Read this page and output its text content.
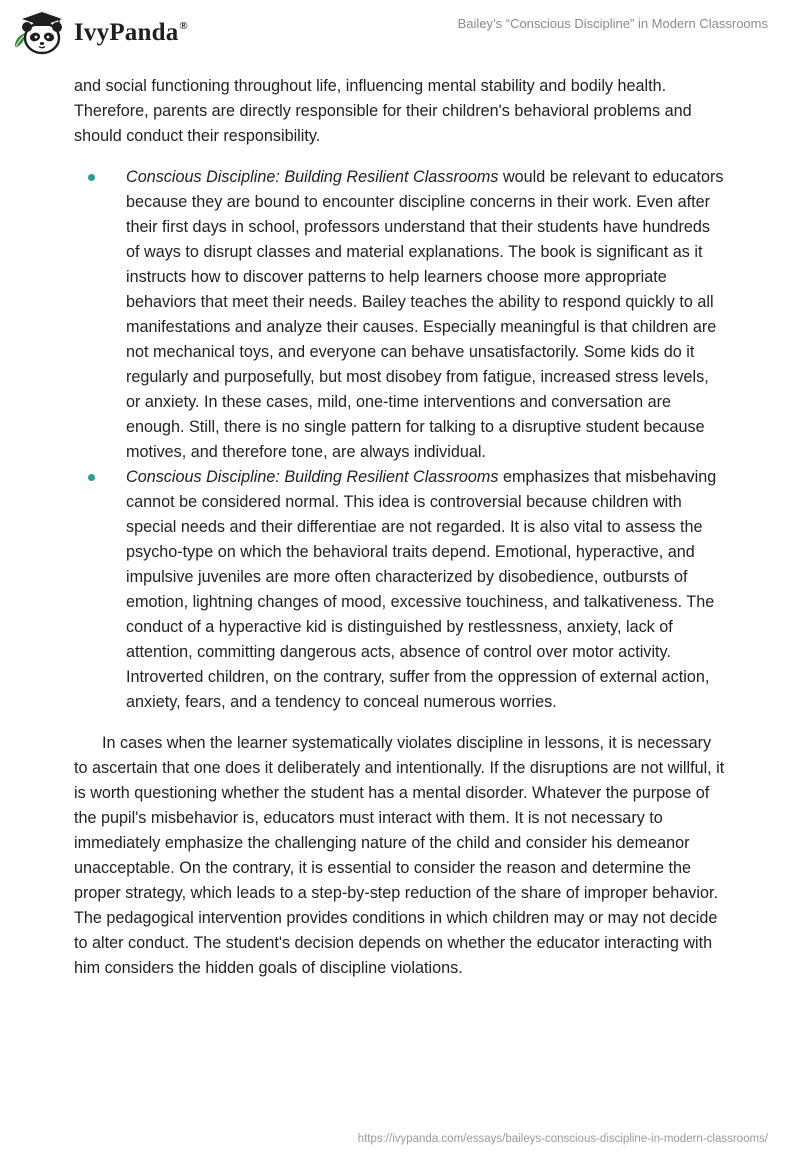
IvyPanda®	Bailey’s “Conscious Discipline” in Modern Classrooms

and social functioning throughout life, influencing mental stability and bodily health. Therefore, parents are directly responsible for their children's behavioral problems and should conduct their responsibility.

Conscious Discipline: Building Resilient Classrooms would be relevant to educators because they are bound to encounter discipline concerns in their work. Even after their first days in school, professors understand that their students have hundreds of ways to disrupt classes and material explanations. The book is significant as it instructs how to discover patterns to help learners choose more appropriate behaviors that meet their needs. Bailey teaches the ability to respond quickly to all manifestations and analyze their causes. Especially meaningful is that children are not mechanical toys, and everyone can behave unsatisfactorily. Some kids do it regularly and purposefully, but most disobey from fatigue, increased stress levels, or anxiety. In these cases, mild, one-time interventions and conversation are enough. Still, there is no single pattern for talking to a disruptive student because motives, and therefore tone, are always individual.
Conscious Discipline: Building Resilient Classrooms emphasizes that misbehaving cannot be considered normal. This idea is controversial because children with special needs and their differentiae are not regarded. It is also vital to assess the psycho-type on which the behavioral traits depend. Emotional, hyperactive, and impulsive juveniles are more often characterized by disobedience, outbursts of emotion, lightning changes of mood, excessive touchiness, and talkativeness. The conduct of a hyperactive kid is distinguished by restlessness, anxiety, lack of attention, committing dangerous acts, absence of control over motor activity. Introverted children, on the contrary, suffer from the oppression of external action, anxiety, fears, and a tendency to conceal numerous worries.

In cases when the learner systematically violates discipline in lessons, it is necessary to ascertain that one does it deliberately and intentionally. If the disruptions are not willful, it is worth questioning whether the student has a mental disorder. Whatever the purpose of the pupil's misbehavior is, educators must interact with them. It is not necessary to immediately emphasize the challenging nature of the child and consider his demeanor unacceptable. On the contrary, it is essential to consider the reason and determine the proper strategy, which leads to a step-by-step reduction of the share of improper behavior. The pedagogical intervention provides conditions in which children may or may not decide to alter conduct. The student's decision depends on whether the educator interacting with him considers the hidden goals of discipline violations.

https://ivypanda.com/essays/baileys-conscious-discipline-in-modern-classrooms/
